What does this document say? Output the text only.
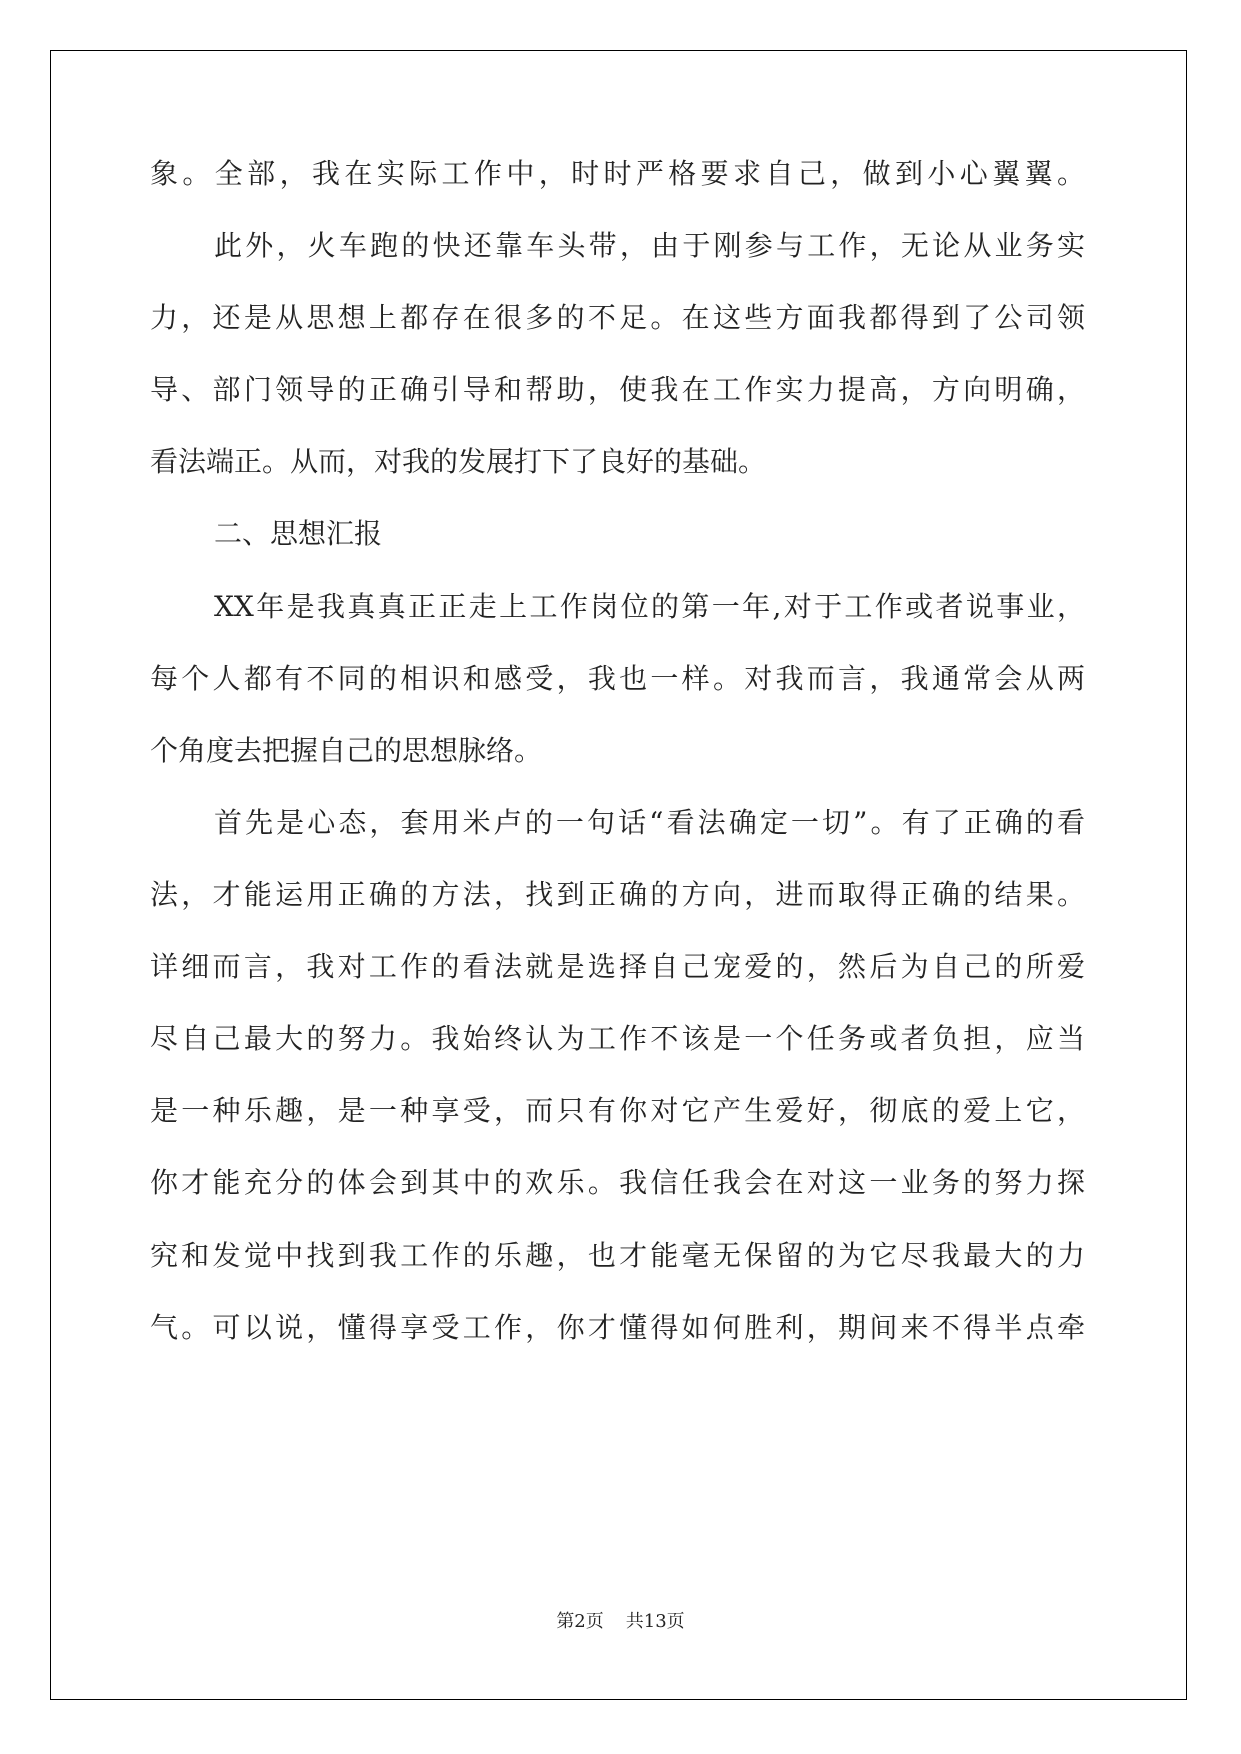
象。全部，我在实际工作中，时时严格要求自己，做到小心翼翼。
此外，火车跑的快还靠车头带，由于刚参与工作，无论从业务实
力，还是从思想上都存在很多的不足。在这些方面我都得到了公司领
导、部门领导的正确引导和帮助，使我在工作实力提高，方向明确，
看法端正。从而，对我的发展打下了良好的基础。
二、思想汇报
XX年是我真真正正走上工作岗位的第一年,对于工作或者说事业，
每个人都有不同的相识和感受，我也一样。对我而言，我通常会从两
个角度去把握自己的思想脉络。
首先是心态，套用米卢的一句话“看法确定一切”。有了正确的看
法，才能运用正确的方法，找到正确的方向，进而取得正确的结果。
详细而言，我对工作的看法就是选择自己宠爱的，然后为自己的所爱
尽自己最大的努力。我始终认为工作不该是一个任务或者负担，应当
是一种乐趣，是一种享受，而只有你对它产生爱好，彻底的爱上它，
你才能充分的体会到其中的欢乐。我信任我会在对这一业务的努力探
究和发觉中找到我工作的乐趣，也才能毫无保留的为它尽我最大的力
气。可以说，懂得享受工作，你才懂得如何胜利，期间来不得半点牵
第2页 共13页
